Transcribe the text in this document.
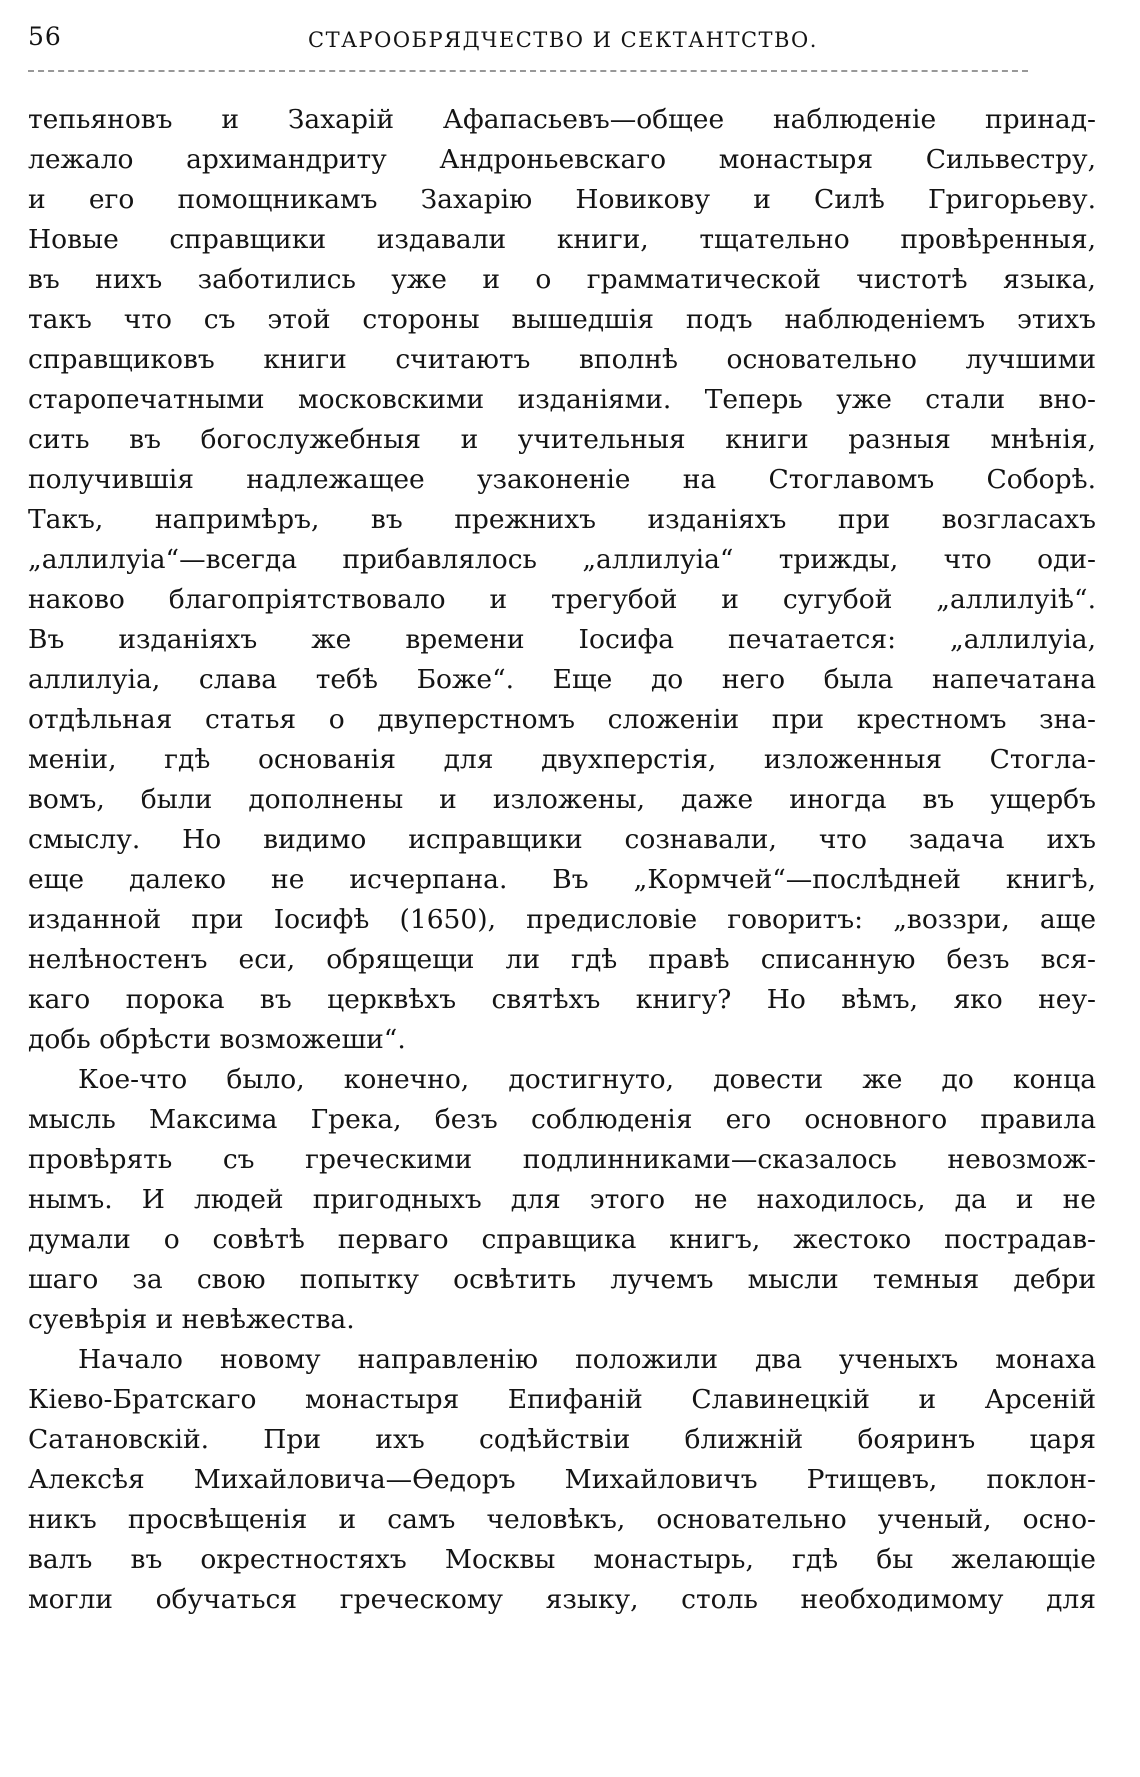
56	СТАРООБРЯДЧЕСТВО И СЕКТАНТСТВО.
тепьяновъ и Захарій Афапасьевъ—общее наблюденіе принад-
лежало архимандриту Андроньевскаго монастыря Сильвестру,
и его помощникамъ Захарію Новикову и Силѣ Григорьеву.
Новые справщики издавали книги, тщательно провѣренныя,
въ нихъ заботились уже и о грамматической чистотѣ языка,
такъ что съ этой стороны вышедшія подъ наблюденіемъ этихъ
справщиковъ книги считаютъ вполнѣ основательно лучшими
старопечатными московскими изданіями. Теперь уже стали вно-
сить въ богослужебныя и учительныя книги разныя мнѣнія,
получившія надлежащее узаконеніе на Стоглавомъ Соборѣ.
Такъ, напримѣръ, въ прежнихъ изданіяхъ при возгласахъ
„аллилуіа“—всегда прибавлялось „аллилуіа“ трижды, что оди-
наково благопріятствовало и трегубой и сугубой „аллилуіѣ“.
Въ изданіяхъ же времени Іосифа печатается: „аллилуіа,
аллилуіа, слава тебѣ Боже“. Еще до него была напечатана
отдѣльная статья о двуперстномъ сложеніи при крестномъ зна-
меніи, гдѣ основанія для двухперстія, изложенныя Стогла-
вомъ, были дополнены и изложены, даже иногда въ ущербъ
смыслу. Но видимо исправщики сознавали, что задача ихъ
еще далеко не исчерпана. Въ „Кормчей“—послѣдней книгѣ,
изданной при Іосифѣ (1650), предисловіе говоритъ: „воззри, аще
нелѣностенъ еси, обрящещи ли гдѣ правѣ списанную безъ вся-
каго порока въ церквѣхъ святѣхъ книгу? Но вѣмъ, яко неу-
добь обрѣсти возможеши“.
Кое-что было, конечно, достигнуто, довести же до конца
мысль Максима Грека, безъ соблюденія его основного правила
провѣрять съ греческими подлинниками—сказалось невозмож-
нымъ. И людей пригодныхъ для этого не находилось, да и не
думали о совѣтѣ перваго справщика книгъ, жестоко пострадав-
шаго за свою попытку освѣтить лучемъ мысли темныя дебри
суевѣрія и невѣжества.
Начало новому направленію положили два ученыхъ монаха
Кіево-Братскаго монастыря Епифаній Славинецкій и Арсеній
Сатановскій. При ихъ содѣйствіи ближній бояринъ царя
Алексѣя Михайловича—Ѳедоръ Михайловичъ Ртищевъ, поклон-
никъ просвѣщенія и самъ человѣкъ, основательно ученый, осно-
валъ въ окрестностяхъ Москвы монастырь, гдѣ бы желающіе
могли обучаться греческому языку, столь необходимому для
